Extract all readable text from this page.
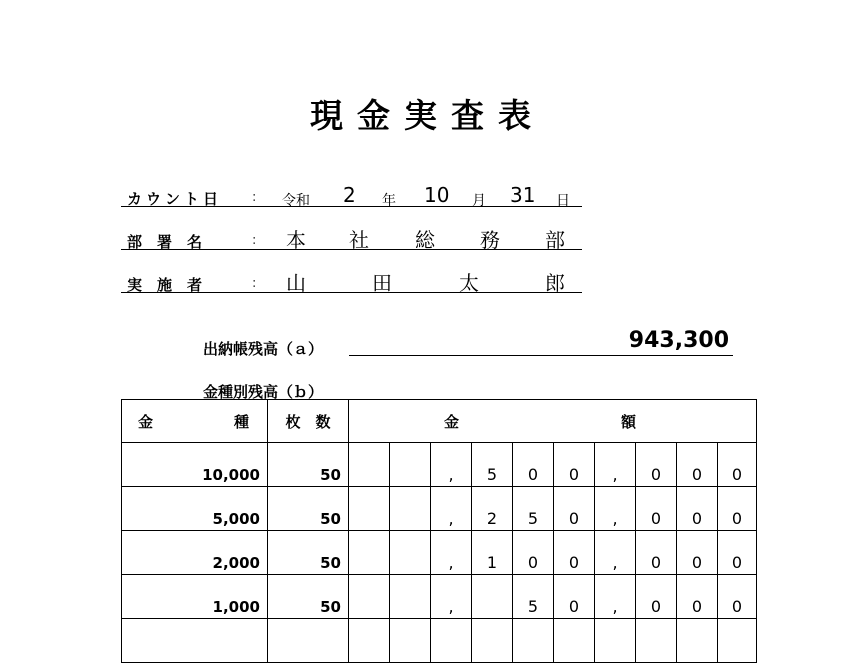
現金実査表
カウント日 : 令和 2 年 10 月 31 日
部　署　名	: 本 社 総 務 部
実　施　者	: 山	田	太	郎
出納帳残高（ａ）	943,300
金種別残高（ｂ）
金 種	枚　数	金 額									

10,000	50			,	5	0	0	,	0	0	0
5,000	50			,	2	5	0	,	0	0	0
2,000	50			,	1	0	0	,	0	0	0
1,000	50			,		5	0	,	0	0	0
